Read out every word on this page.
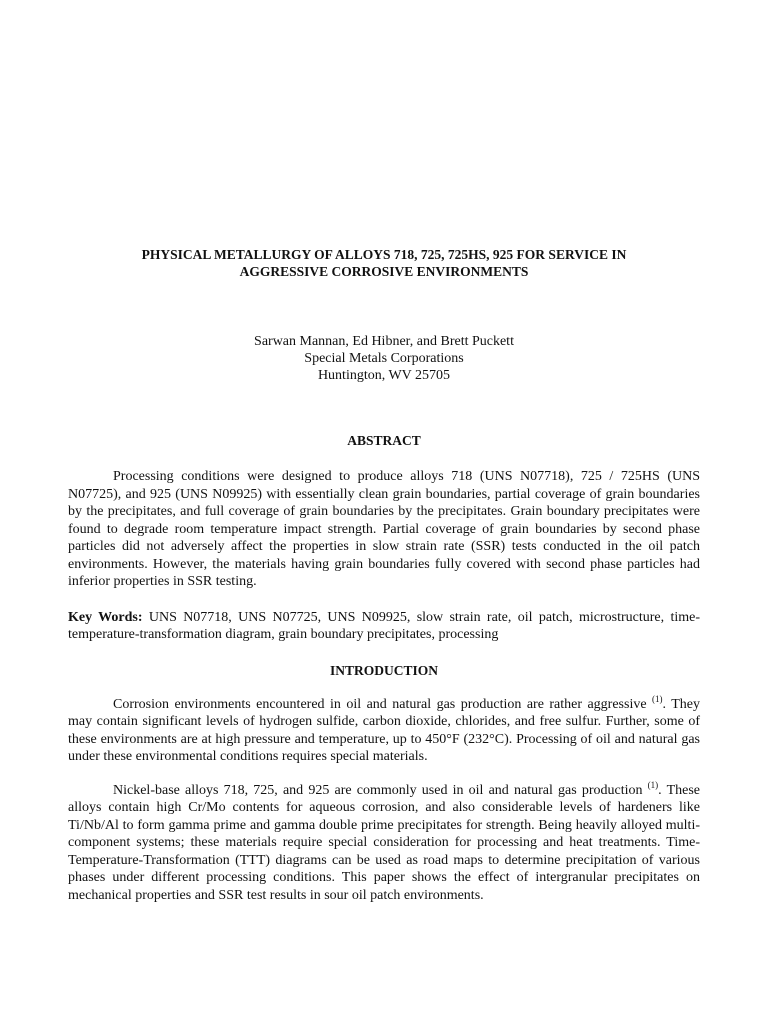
PHYSICAL METALLURGY OF ALLOYS 718, 725, 725HS, 925 FOR SERVICE IN
AGGRESSIVE CORROSIVE ENVIRONMENTS
Sarwan Mannan, Ed Hibner, and Brett Puckett
Special Metals Corporations
Huntington, WV 25705
ABSTRACT

Processing conditions were designed to produce alloys 718 (UNS N07718), 725 / 725HS (UNS N07725), and 925 (UNS N09925) with essentially clean grain boundaries, partial coverage of grain boundaries by the precipitates, and full coverage of grain boundaries by the precipitates. Grain boundary precipitates were found to degrade room temperature impact strength. Partial coverage of grain boundaries by second phase particles did not adversely affect the properties in slow strain rate (SSR) tests conducted in the oil patch environments. However, the materials having grain boundaries fully covered with second phase particles had inferior properties in SSR testing.

Key Words: UNS N07718, UNS N07725, UNS N09925, slow strain rate, oil patch, microstructure, time-temperature-transformation diagram, grain boundary precipitates, processing

INTRODUCTION

Corrosion environments encountered in oil and natural gas production are rather aggressive $^{(1)}$. They may contain significant levels of hydrogen sulfide, carbon dioxide, chlorides, and free sulfur. Further, some of these environments are at high pressure and temperature, up to 450°F (232°C). Processing of oil and natural gas under these environmental conditions requires special materials.

Nickel-base alloys 718, 725, and 925 are commonly used in oil and natural gas production $^{(1)}$. These alloys contain high Cr/Mo contents for aqueous corrosion, and also considerable levels of hardeners like Ti/Nb/Al to form gamma prime and gamma double prime precipitates for strength. Being heavily alloyed multi-component systems; these materials require special consideration for processing and heat treatments. Time-Temperature-Transformation (TTT) diagrams can be used as road maps to determine precipitation of various phases under different processing conditions. This paper shows the effect of intergranular precipitates on mechanical properties and SSR test results in sour oil patch environments.
